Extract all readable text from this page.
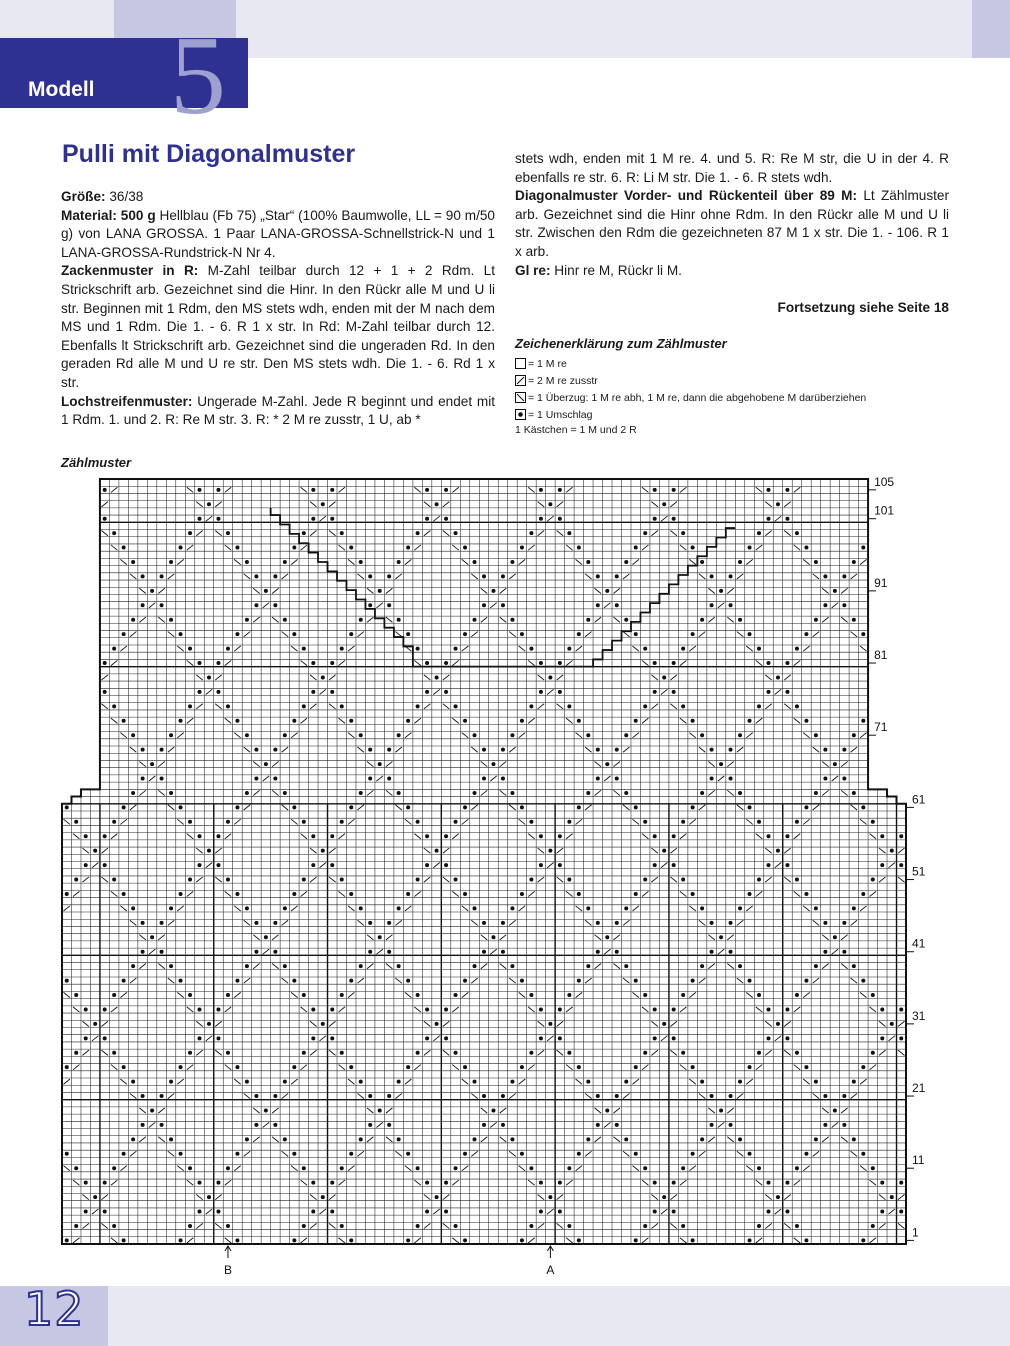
Modell 5
12
Pulli mit Diagonalmuster

Größe: 36/38

Material: 500 g Hellblau (Fb 75) „Star“ (100% Baumwolle, LL = 90 m/50 g) von LANA GROSSA. 1 Paar LANA-GROSSA-Schnellstrick-N und 1 LANA-GROSSA-Rundstrick-N Nr 4.

Zackenmuster in R: M-Zahl teilbar durch 12 + 1 + 2 Rdm. Lt Strickschrift arb. Gezeichnet sind die Hinr. In den Rückr alle M und U li str. Beginnen mit 1 Rdm, den MS stets wdh, enden mit der M nach dem MS und 1 Rdm. Die 1. - 6. R 1 x str. In Rd: M-Zahl teilbar durch 12. Ebenfalls lt Strickschrift arb. Gezeichnet sind die ungeraden Rd. In den geraden Rd alle M und U re str. Den MS stets wdh. Die 1. - 6. Rd 1 x str.

Lochstreifenmuster: Ungerade M-Zahl. Jede R beginnt und endet mit 1 Rdm. 1. und 2. R: Re M str. 3. R: * 2 M re zusstr, 1 U, ab *

stets wdh, enden mit 1 M re. 4. und 5. R: Re M str, die U in der 4. R ebenfalls re str. 6. R: Li M str. Die 1. - 6. R stets wdh.

Diagonalmuster Vorder- und Rückenteil über 89 M: Lt Zählmuster arb. Gezeichnet sind die Hinr ohne Rdm. In den Rückr alle M und U li str. Zwischen den Rdm die gezeichneten 87 M 1 x str. Die 1. - 106. R 1 x arb.

Gl re: Hinr re M, Rückr li M.

Fortsetzung siehe Seite 18
Zeichenerklärung zum Zählmuster
= 1 M re
= 2 M re zusstr
= 1 Überzug: 1 M re abh, 1 M re, dann die abgehobene M darüberziehen
= 1 Umschlag
1 Kästchen = 1 M und 2 R
Zählmuster
1
11
21
31
41
51
61
71
81
91
101
105
B	A
